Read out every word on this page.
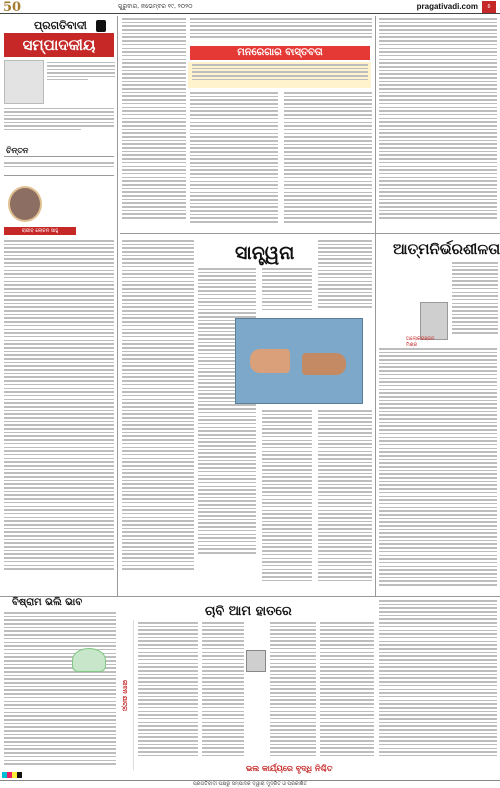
50	ଗୁରୁବାର, ନଭେମ୍ବର ୧୯, ୨୦୨୦	pragativadi.com	୫
ପ୍ରଗତିବାଦୀ
ସମ୍ପାଦକୀୟ
ଚିନ୍ତନ
ରାଜୀବ ଲୋଚନ ସାହୁ
ମନରେଗାର ବାସ୍ତବତା
ସାନ୍ତ୍ୱନା	ଆତ୍ମନିର୍ଭରଶୀଳତା
ଅଲୋକରଞ୍ଜନ ମିଶ୍ର
ବିଷ୍ରାମ ଭଲି ଭାବ
ଜୀବନ ଯାତ୍ରା
ଚାବି ଆମ ହାତରେ
ଭଲ କାର୍ଯ୍ୟରେ ବୃଦ୍ଧି ନିଶ୍ଚିତ
ପ୍ରଗତିବାଦୀ ପକ୍ଷରୁ ସମ୍ପାଦକ ଦ୍ୱାରା ମୁଦ୍ରିତ ଓ ପ୍ରକାଶିତ
